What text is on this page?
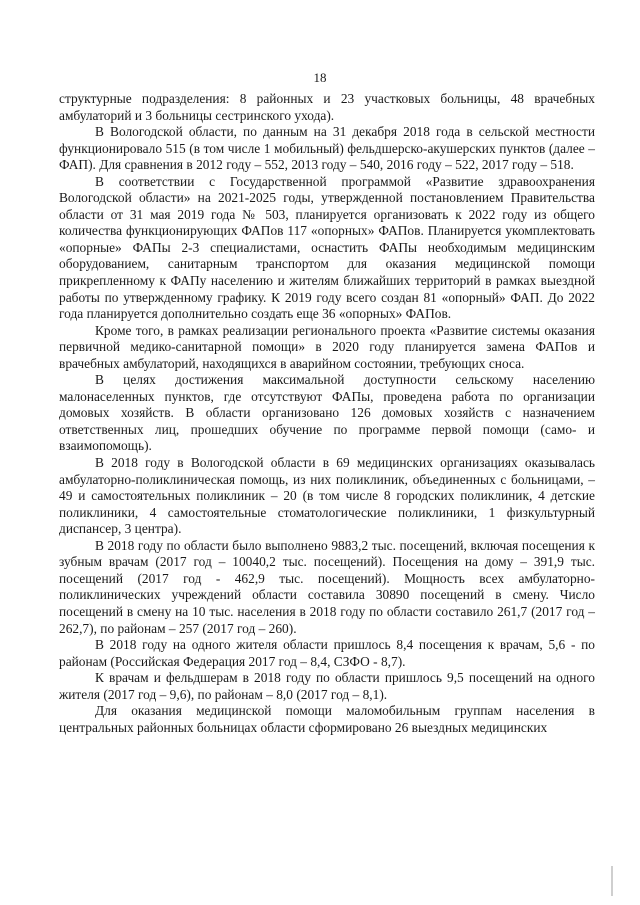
18

структурные подразделения: 8 районных и 23 участковых больницы, 48 врачебных амбулаторий и 3 больницы сестринского ухода).

В Вологодской области, по данным на 31 декабря 2018 года в сельской местности функционировало 515 (в том числе 1 мобильный) фельдшерско-акушерских пунктов (далее – ФАП). Для сравнения в 2012 году – 552, 2013 году – 540, 2016 году – 522, 2017 году – 518.

В соответствии с Государственной программой «Развитие здравоохранения Вологодской области» на 2021-2025 годы, утвержденной постановлением Правительства области от 31 мая 2019 года № 503, планируется организовать к 2022 году из общего количества функционирующих ФАПов 117 «опорных» ФАПов. Планируется укомплектовать «опорные» ФАПы 2-3 специалистами, оснастить ФАПы необходимым медицинским оборудованием, санитарным транспортом для оказания медицинской помощи прикрепленному к ФАПу населению и жителям ближайших территорий в рамках выездной работы по утвержденному графику. К 2019 году всего создан 81 «опорный» ФАП. До 2022 года планируется дополнительно создать еще 36 «опорных» ФАПов.

Кроме того, в рамках реализации регионального проекта «Развитие системы оказания первичной медико-санитарной помощи» в 2020 году планируется замена ФАПов и врачебных амбулаторий, находящихся в аварийном состоянии, требующих сноса.

В целях достижения максимальной доступности сельскому населению малонаселенных пунктов, где отсутствуют ФАПы, проведена работа по организации домовых хозяйств. В области организовано 126 домовых хозяйств с назначением ответственных лиц, прошедших обучение по программе первой помощи (само- и взаимопомощь).

В 2018 году в Вологодской области в 69 медицинских организациях оказывалась амбулаторно-поликлиническая помощь, из них поликлиник, объединенных с больницами, – 49 и самостоятельных поликлиник – 20 (в том числе 8 городских поликлиник, 4 детские поликлиники, 4 самостоятельные стоматологические поликлиники, 1 физкультурный диспансер, 3 центра).

В 2018 году по области было выполнено 9883,2 тыс. посещений, включая посещения к зубным врачам (2017 год – 10040,2 тыс. посещений). Посещения на дому – 391,9 тыс. посещений (2017 год - 462,9 тыс. посещений). Мощность всех амбулаторно-поликлинических учреждений области составила 30890 посещений в смену. Число посещений в смену на 10 тыс. населения в 2018 году по области составило 261,7 (2017 год – 262,7), по районам – 257 (2017 год – 260).

В 2018 году на одного жителя области пришлось 8,4 посещения к врачам, 5,6 - по районам (Российская Федерация 2017 год – 8,4, СЗФО - 8,7).

К врачам и фельдшерам в 2018 году по области пришлось 9,5 посещений на одного жителя (2017 год – 9,6), по районам – 8,0 (2017 год – 8,1).

Для оказания медицинской помощи маломобильным группам населения в центральных районных больницах области сформировано 26 выездных медицинских
